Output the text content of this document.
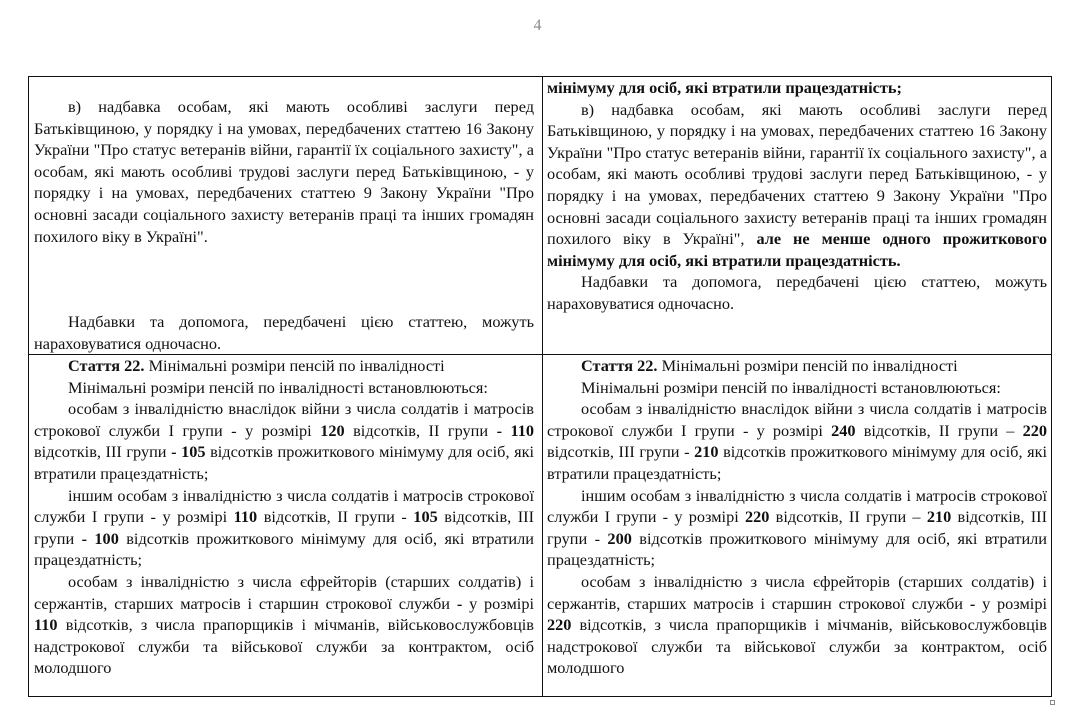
4

в) надбавка особам, які мають особливі заслуги перед Батьківщиною, у порядку і на умовах, передбачених статтею 16 Закону України "Про статус ветеранів війни, гарантії їх соціального захисту", а особам, які мають особливі трудові заслуги перед Батьківщиною, - у порядку і на умовах, передбачених статтею 9 Закону України "Про основні засади соціального захисту ветеранів праці та інших громадян похилого віку в Україні".

Надбавки та допомога, передбачені цією статтею, можуть нараховуватися одночасно.

мінімуму для осіб, які втратили працездатність;

в) надбавка особам, які мають особливі заслуги перед Батьківщиною, у порядку і на умовах, передбачених статтею 16 Закону України "Про статус ветеранів війни, гарантії їх соціального захисту", а особам, які мають особливі трудові заслуги перед Батьківщиною, - у порядку і на умовах, передбачених статтею 9 Закону України "Про основні засади соціального захисту ветеранів праці та інших громадян похилого віку в Україні", але не менше одного прожиткового мінімуму для осіб, які втратили працездатність.

Надбавки та допомога, передбачені цією статтею, можуть нараховуватися одночасно.

Стаття 22. Мінімальні розміри пенсій по інвалідності

Мінімальні розміри пенсій по інвалідності встановлюються:

особам з інвалідністю внаслідок війни з числа солдатів і матросів строкової служби І групи - у розмірі 120 відсотків, ІІ групи - 110 відсотків, ІІІ групи - 105 відсотків прожиткового мінімуму для осіб, які втратили працездатність;

іншим особам з інвалідністю з числа солдатів і матросів строкової служби І групи - у розмірі 110 відсотків, ІІ групи - 105 відсотків, ІІІ групи - 100 відсотків прожиткового мінімуму для осіб, які втратили працездатність;

особам з інвалідністю з числа єфрейторів (старших солдатів) і сержантів, старших матросів і старшин строкової служби - у розмірі 110 відсотків, з числа прапорщиків і мічманів, військовослужбовців надстрокової служби та військової служби за контрактом, осіб молодшого

Стаття 22. Мінімальні розміри пенсій по інвалідності

Мінімальні розміри пенсій по інвалідності встановлюються:

особам з інвалідністю внаслідок війни з числа солдатів і матросів строкової служби І групи - у розмірі 240 відсотків, ІІ групи – 220 відсотків, ІІІ групи - 210 відсотків прожиткового мінімуму для осіб, які втратили працездатність;

іншим особам з інвалідністю з числа солдатів і матросів строкової служби І групи - у розмірі 220 відсотків, ІІ групи – 210 відсотків, ІІІ групи - 200 відсотків прожиткового мінімуму для осіб, які втратили працездатність;

особам з інвалідністю з числа єфрейторів (старших солдатів) і сержантів, старших матросів і старшин строкової служби - у розмірі 220 відсотків, з числа прапорщиків і мічманів, військовослужбовців надстрокової служби та військової служби за контрактом, осіб молодшого
